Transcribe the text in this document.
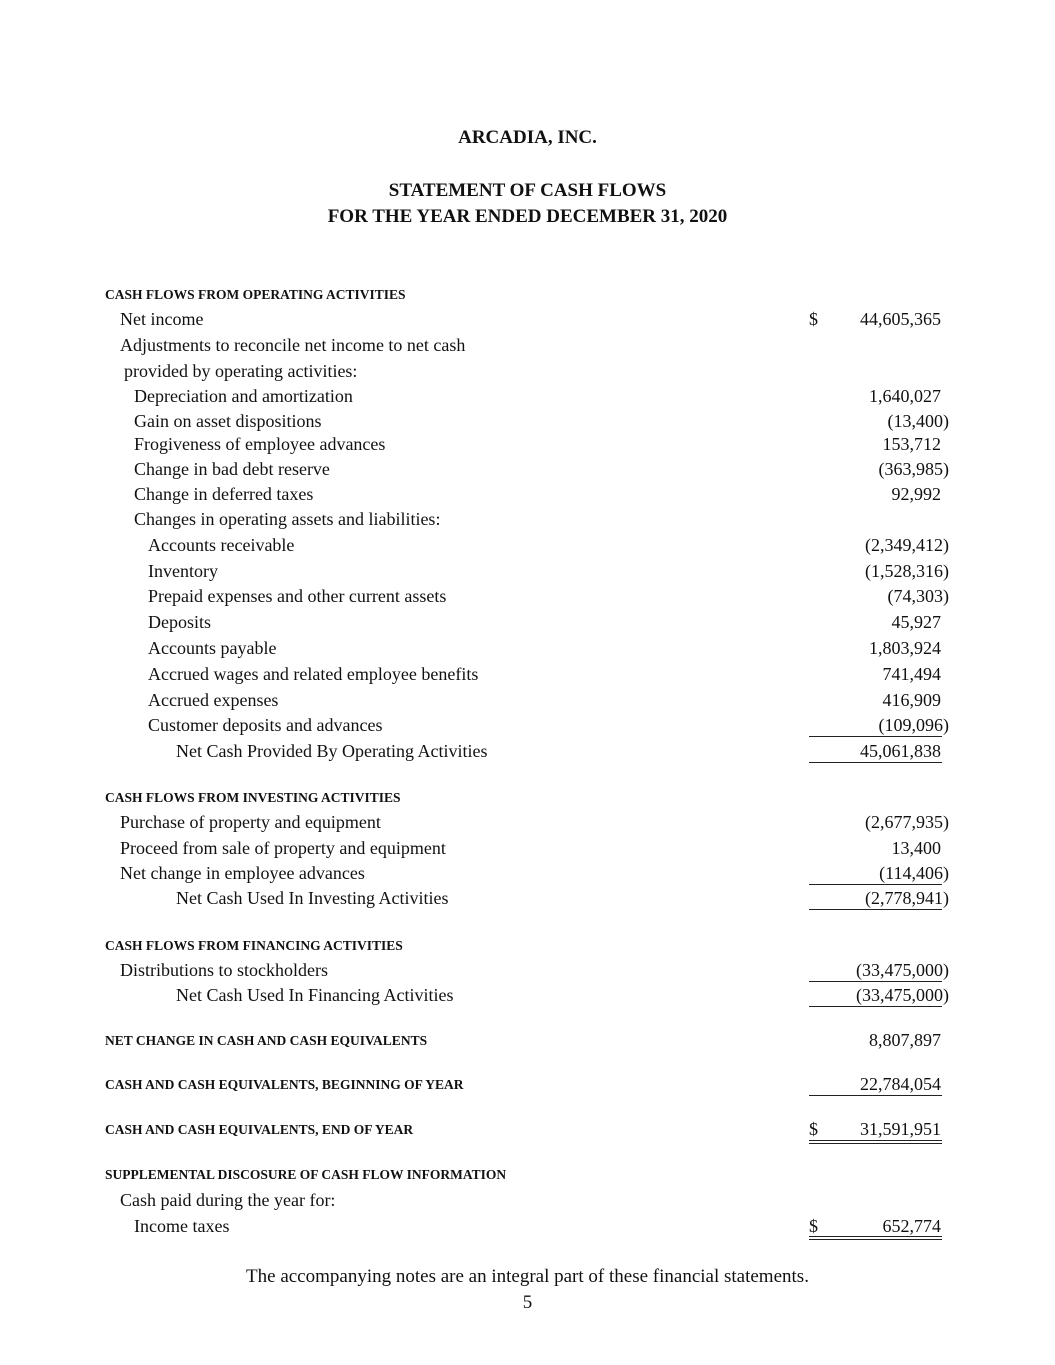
ARCADIA, INC.
STATEMENT OF CASH FLOWS
FOR THE YEAR ENDED DECEMBER 31, 2020
CASH FLOWS FROM OPERATING ACTIVITIES
Net income	$ 44,605,365
Adjustments to reconcile net income to net cash
provided by operating activities:
Depreciation and amortization	1,640,027
Gain on asset dispositions	(13,400)
Frogiveness of employee advances	153,712
Change in bad debt reserve	(363,985)
Change in deferred taxes	92,992
Changes in operating assets and liabilities:
Accounts receivable	(2,349,412)
Inventory	(1,528,316)
Prepaid expenses and other current assets	(74,303)
Deposits	45,927
Accounts payable	1,803,924
Accrued wages and related employee benefits	741,494
Accrued expenses	416,909
Customer deposits and advances	(109,096)
Net Cash Provided By Operating Activities	45,061,838
CASH FLOWS FROM INVESTING ACTIVITIES
Purchase of property and equipment	(2,677,935)
Proceed from sale of property and equipment	13,400
Net change in employee advances	(114,406)
Net Cash Used In Investing Activities	(2,778,941)
CASH FLOWS FROM FINANCING ACTIVITIES
Distributions to stockholders	(33,475,000)
Net Cash Used In Financing Activities	(33,475,000)
NET CHANGE IN CASH AND CASH EQUIVALENTS	8,807,897
CASH AND CASH EQUIVALENTS, BEGINNING OF YEAR	22,784,054
CASH AND CASH EQUIVALENTS, END OF YEAR	$ 31,591,951
SUPPLEMENTAL DISCOSURE OF CASH FLOW INFORMATION
Cash paid during the year for:
Income taxes	$	652,774
The accompanying notes are an integral part of these financial statements.
5
